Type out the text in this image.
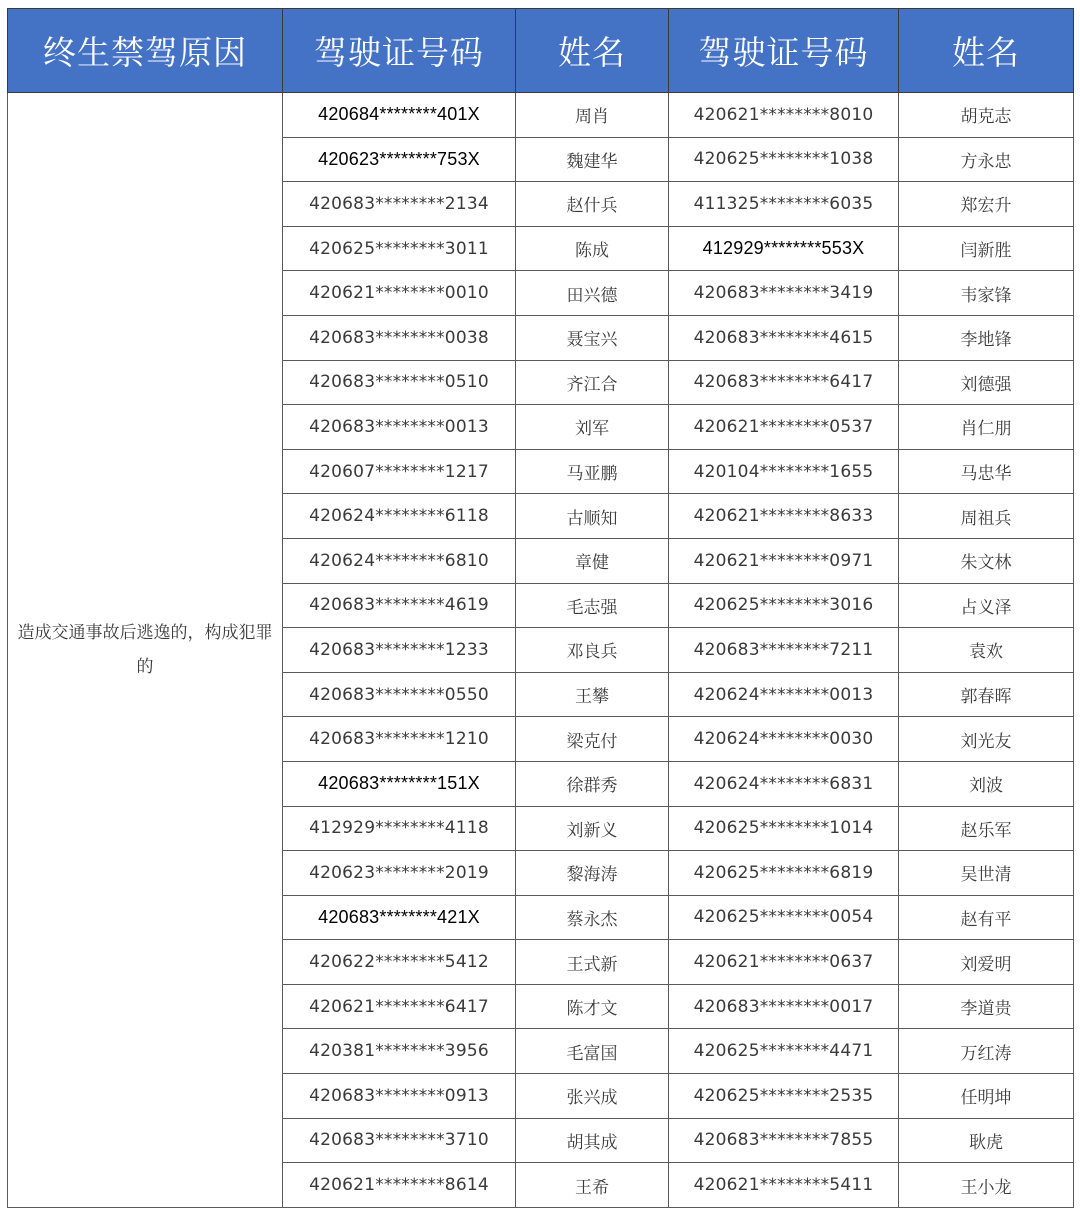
终生禁驾原因	驾驶证号码	姓名	驾驶证号码	姓名
造成交通事故后逃逸的，构成犯罪的	420684********401X	周肖	420621********8010	胡克志
	420623********753X	魏建华	420625********1038	方永忠
	420683********2134	赵什兵	411325********6035	郑宏升
	420625********3011	陈成	412929********553X	闫新胜
	420621********0010	田兴德	420683********3419	韦家锋
	420683********0038	聂宝兴	420683********4615	李地锋
	420683********0510	齐江合	420683********6417	刘德强
	420683********0013	刘军	420621********0537	肖仁朋
	420607********1217	马亚鹏	420104********1655	马忠华
	420624********6118	古顺知	420621********8633	周祖兵
	420624********6810	章健	420621********0971	朱文林
	420683********4619	毛志强	420625********3016	占义泽
	420683********1233	邓良兵	420683********7211	袁欢
	420683********0550	王攀	420624********0013	郭春晖
	420683********1210	梁克付	420624********0030	刘光友
	420683********151X	徐群秀	420624********6831	刘波
	412929********4118	刘新义	420625********1014	赵乐军
	420623********2019	黎海涛	420625********6819	吴世清
	420683********421X	蔡永杰	420625********0054	赵有平
	420622********5412	王式新	420621********0637	刘爱明
	420621********6417	陈才文	420683********0017	李道贵
	420381********3956	毛富国	420625********4471	万红涛
	420683********0913	张兴成	420625********2535	任明坤
	420683********3710	胡其成	420683********7855	耿虎
	420621********8614	王希	420621********5411	王小龙
